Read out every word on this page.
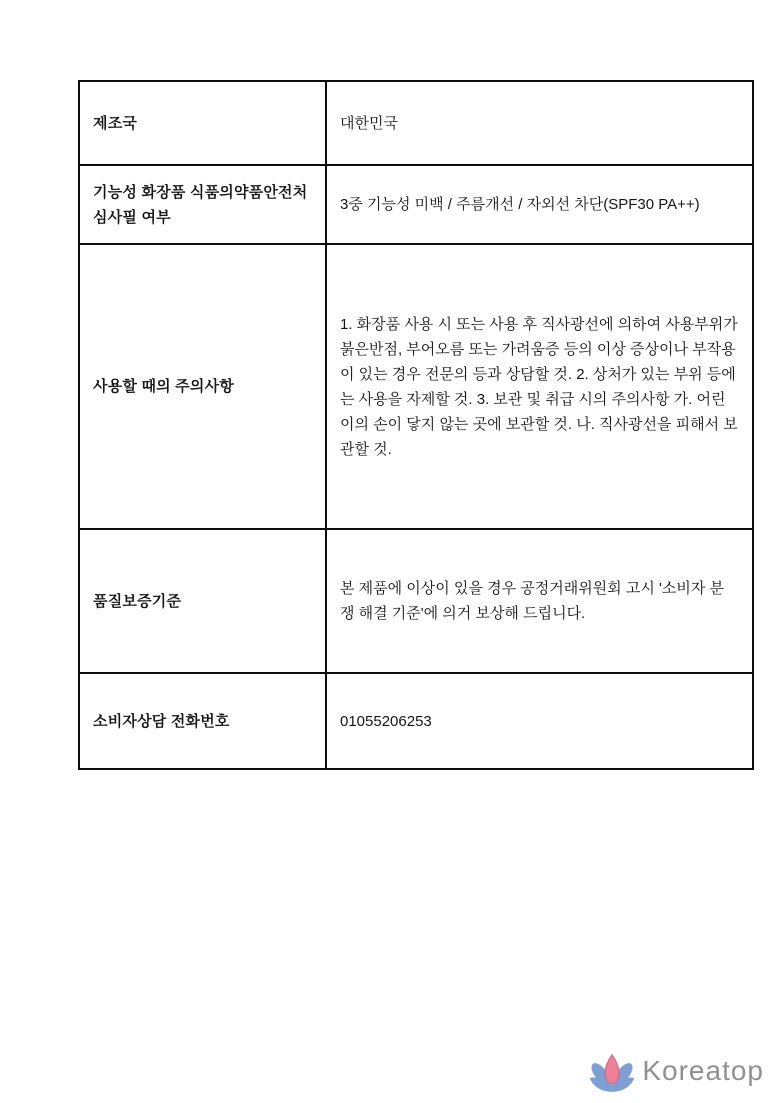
제조국	대한민국
기능성 화장품 식품의약품안전처 심사필 여부	3중 기능성 미백 / 주름개선 / 자외선 차단(SPF30 PA++)
사용할 때의 주의사항	1. 화장품 사용 시 또는 사용 후 직사광선에 의하여 사용부위가 붉은반점, 부어오름 또는 가려움증 등의 이상 증상이나 부작용이 있는 경우 전문의 등과 상담할 것. 2. 상처가 있는 부위 등에는 사용을 자제할 것. 3. 보관 및 취급 시의 주의사항 가. 어린이의 손이 닿지 않는 곳에 보관할 것. 나. 직사광선을 피해서 보관할 것.
품질보증기준	본 제품에 이상이 있을 경우 공정거래위원회 고시 '소비자 분쟁 해결 기준'에 의거 보상해 드립니다.
소비자상담 전화번호	01055206253
Koreatop
